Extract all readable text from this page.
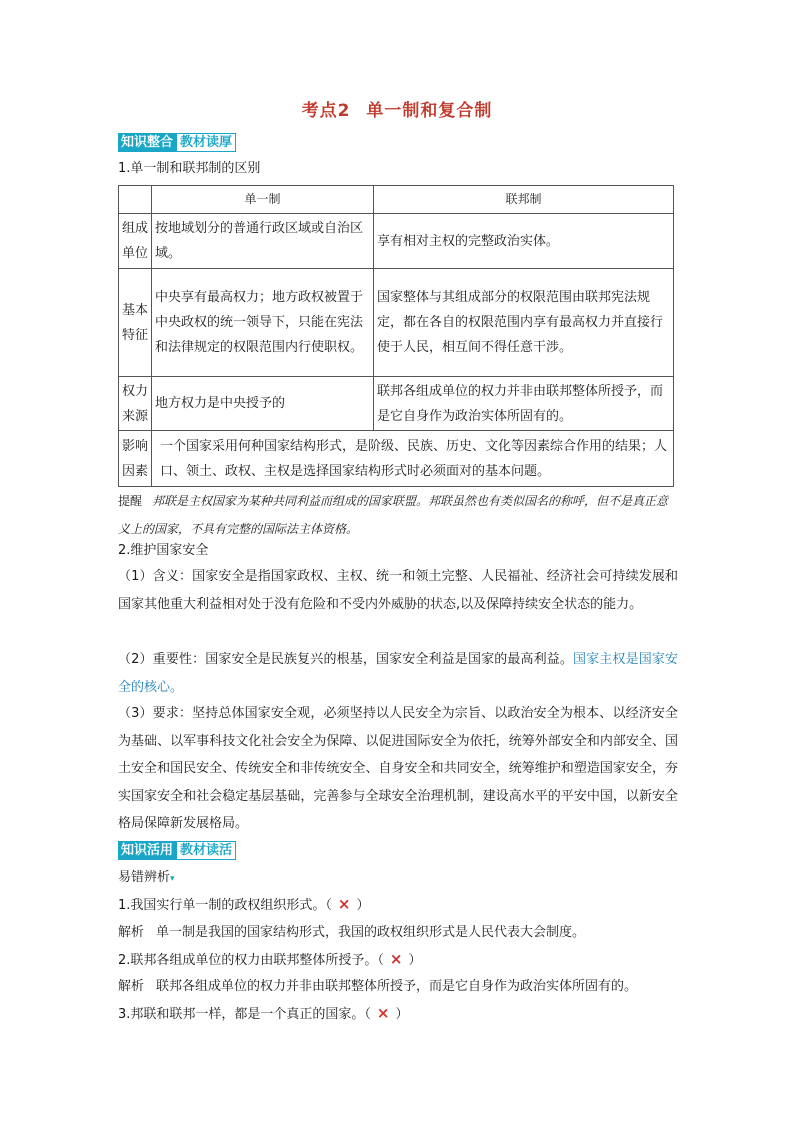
考点2 单一制和复合制
知识整合 教材读厚
1.单一制和联邦制的区别
	单一制	联邦制
组成单位	按地域划分的普通行政区域或自治区域。	享有相对主权的完整政治实体。
基本特征	中央享有最高权力；地方政权被置于中央政权的统一领导下，只能在宪法和法律规定的权限范围内行使职权。	国家整体与其组成部分的权限范围由联邦宪法规定，都在各自的权限范围内享有最高权力并直接行使于人民，相互间不得任意干涉。
权力来源	地方权力是中央授予的	联邦各组成单位的权力并非由联邦整体所授予，而是它自身作为政治实体所固有的。
影响因素	一个国家采用何种国家结构形式，是阶级、民族、历史、文化等因素综合作用的结果；人口、领土、政权、主权是选择国家结构形式时必须面对的基本问题。	
提醒 邦联是主权国家为某种共同利益而组成的国家联盟。邦联虽然也有类似国名的称呼，但不是真正意义上的国家，不具有完整的国际法主体资格。
2.维护国家安全
（1）含义：国家安全是指国家政权、主权、统一和领土完整、人民福祉、经济社会可持续发展和国家其他重大利益相对处于没有危险和不受内外威胁的状态,以及保障持续安全状态的能力。
（2）重要性：国家安全是民族复兴的根基，国家安全利益是国家的最高利益。国家主权是国家安全的核心。
（3）要求：坚持总体国家安全观，必须坚持以人民安全为宗旨、以政治安全为根本、以经济安全为基础、以军事科技文化社会安全为保障、以促进国际安全为依托，统筹外部安全和内部安全、国土安全和国民安全、传统安全和非传统安全、自身安全和共同安全，统筹维护和塑造国家安全，夯实国家安全和社会稳定基层基础，完善参与全球安全治理机制，建设高水平的平安中国，以新安全格局保障新发展格局。
知识活用 教材读活
易错辨析▾
1.我国实行单一制的政权组织形式。（ × ）
解析 单一制是我国的国家结构形式，我国的政权组织形式是人民代表大会制度。
2.联邦各组成单位的权力由联邦整体所授予。（ × ）
解析 联邦各组成单位的权力并非由联邦整体所授予，而是它自身作为政治实体所固有的。
3.邦联和联邦一样，都是一个真正的国家。（ × ）
